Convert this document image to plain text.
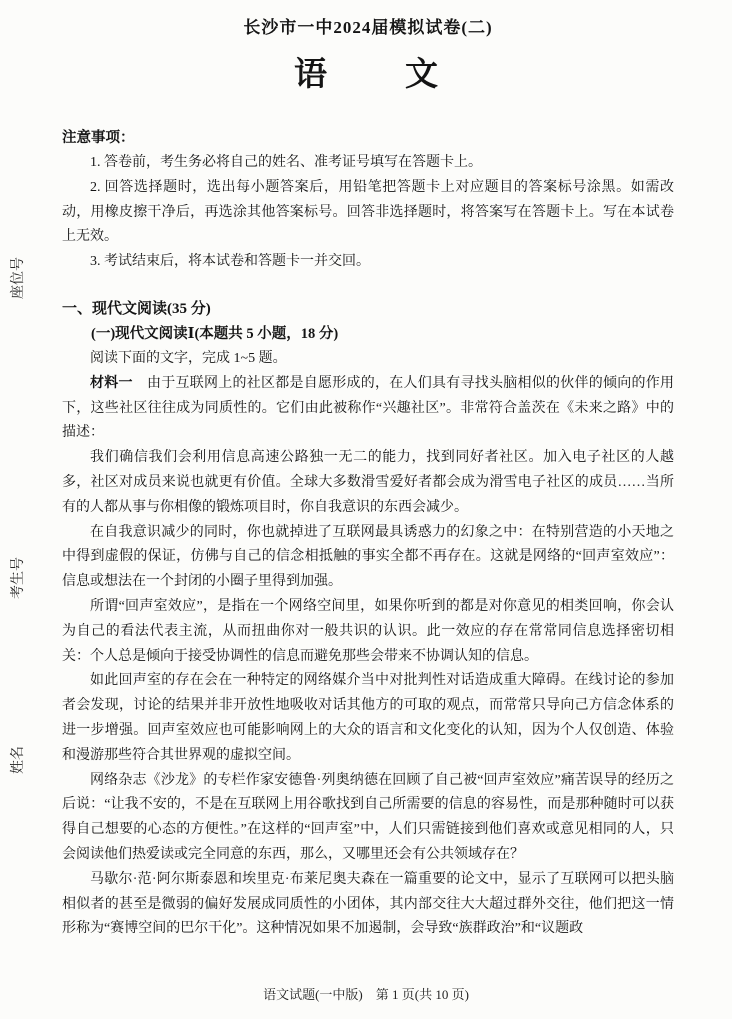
座位号
考生号
姓名
长沙市一中2024届模拟试卷(二)
语　　文
注意事项：

1. 答卷前，考生务必将自己的姓名、准考证号填写在答题卡上。

2. 回答选择题时，选出每小题答案后，用铅笔把答题卡上对应题目的答案标号涂黑。如需改动，用橡皮擦干净后，再选涂其他答案标号。回答非选择题时，将答案写在答题卡上。写在本试卷上无效。

3. 考试结束后，将本试卷和答题卡一并交回。

一、现代文阅读(35 分)
(一)现代文阅读Ⅰ(本题共 5 小题，18 分)

阅读下面的文字，完成 1~5 题。

材料一　由于互联网上的社区都是自愿形成的，在人们具有寻找头脑相似的伙伴的倾向的作用下，这些社区往往成为同质性的。它们由此被称作“兴趣社区”。非常符合盖茨在《未来之路》中的描述：

我们确信我们会利用信息高速公路独一无二的能力，找到同好者社区。加入电子社区的人越多，社区对成员来说也就更有价值。全球大多数滑雪爱好者都会成为滑雪电子社区的成员……当所有的人都从事与你相像的锻炼项目时，你自我意识的东西会减少。

在自我意识减少的同时，你也就掉进了互联网最具诱惑力的幻象之中：在特别营造的小天地之中得到虚假的保证，仿佛与自己的信念相抵触的事实全都不再存在。这就是网络的“回声室效应”：信息或想法在一个封闭的小圈子里得到加强。

所谓“回声室效应”，是指在一个网络空间里，如果你听到的都是对你意见的相类回响，你会认为自己的看法代表主流，从而扭曲你对一般共识的认识。此一效应的存在常常同信息选择密切相关：个人总是倾向于接受协调性的信息而避免那些会带来不协调认知的信息。

如此回声室的存在会在一种特定的网络媒介当中对批判性对话造成重大障碍。在线讨论的参加者会发现，讨论的结果并非开放性地吸收对话其他方的可取的观点，而常常只导向己方信念体系的进一步增强。回声室效应也可能影响网上的大众的语言和文化变化的认知，因为个人仅创造、体验和漫游那些符合其世界观的虚拟空间。

网络杂志《沙龙》的专栏作家安德鲁·列奥纳德在回顾了自己被“回声室效应”痛苦误导的经历之后说：“让我不安的，不是在互联网上用谷歌找到自己所需要的信息的容易性，而是那种随时可以获得自己想要的心态的方便性。”在这样的“回声室”中，人们只需链接到他们喜欢或意见相同的人，只会阅读他们热爱读或完全同意的东西，那么，又哪里还会有公共领域存在？

马歇尔·范·阿尔斯泰恩和埃里克·布莱尼奥夫森在一篇重要的论文中，显示了互联网可以把头脑相似者的甚至是微弱的偏好发展成同质性的小团体，其内部交往大大超过群外交往，他们把这一情形称为“赛博空间的巴尔干化”。这种情况如果不加遏制，会导致“族群政治”和“议题政

语文试题(一中版)　第 1 页(共 10 页)
